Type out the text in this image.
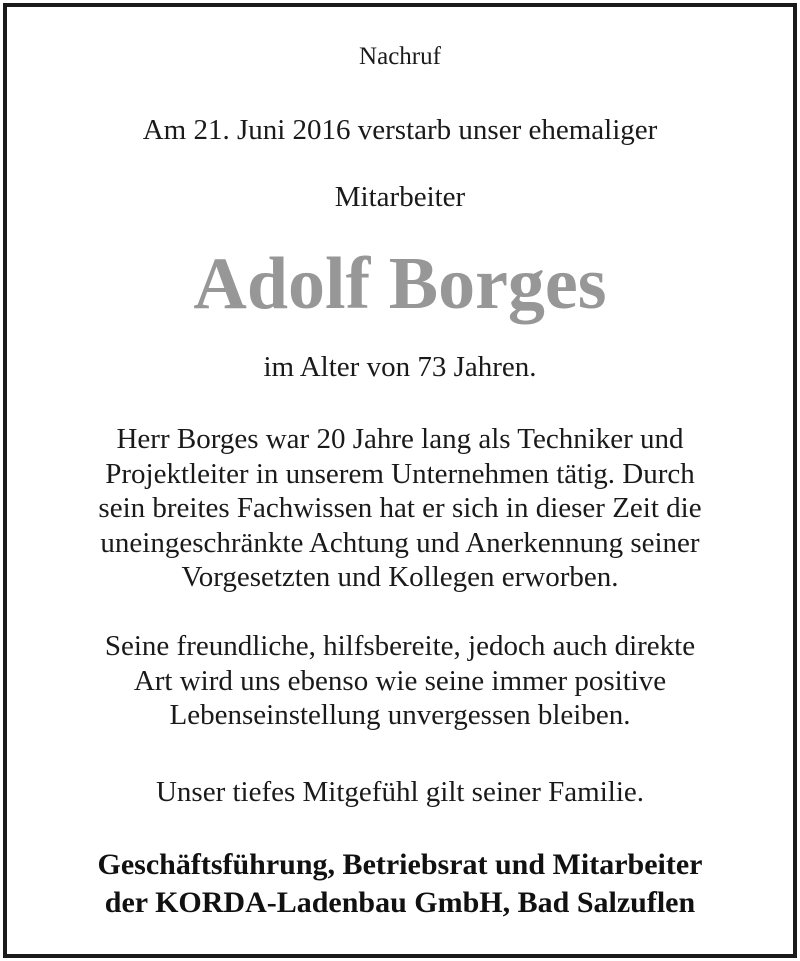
Nachruf
Am 21. Juni 2016 verstarb unser ehemaliger
Mitarbeiter
Adolf Borges
im Alter von 73 Jahren.
Herr Borges war 20 Jahre lang als Techniker und
Projektleiter in unserem Unternehmen tätig. Durch
sein breites Fachwissen hat er sich in dieser Zeit die
uneingeschränkte Achtung und Anerkennung seiner
Vorgesetzten und Kollegen erworben.
Seine freundliche, hilfsbereite, jedoch auch direkte
Art wird uns ebenso wie seine immer positive
Lebenseinstellung unvergessen bleiben.
Unser tiefes Mitgefühl gilt seiner Familie.
Geschäftsführung, Betriebsrat und Mitarbeiter
der KORDA-Ladenbau GmbH, Bad Salzuflen
